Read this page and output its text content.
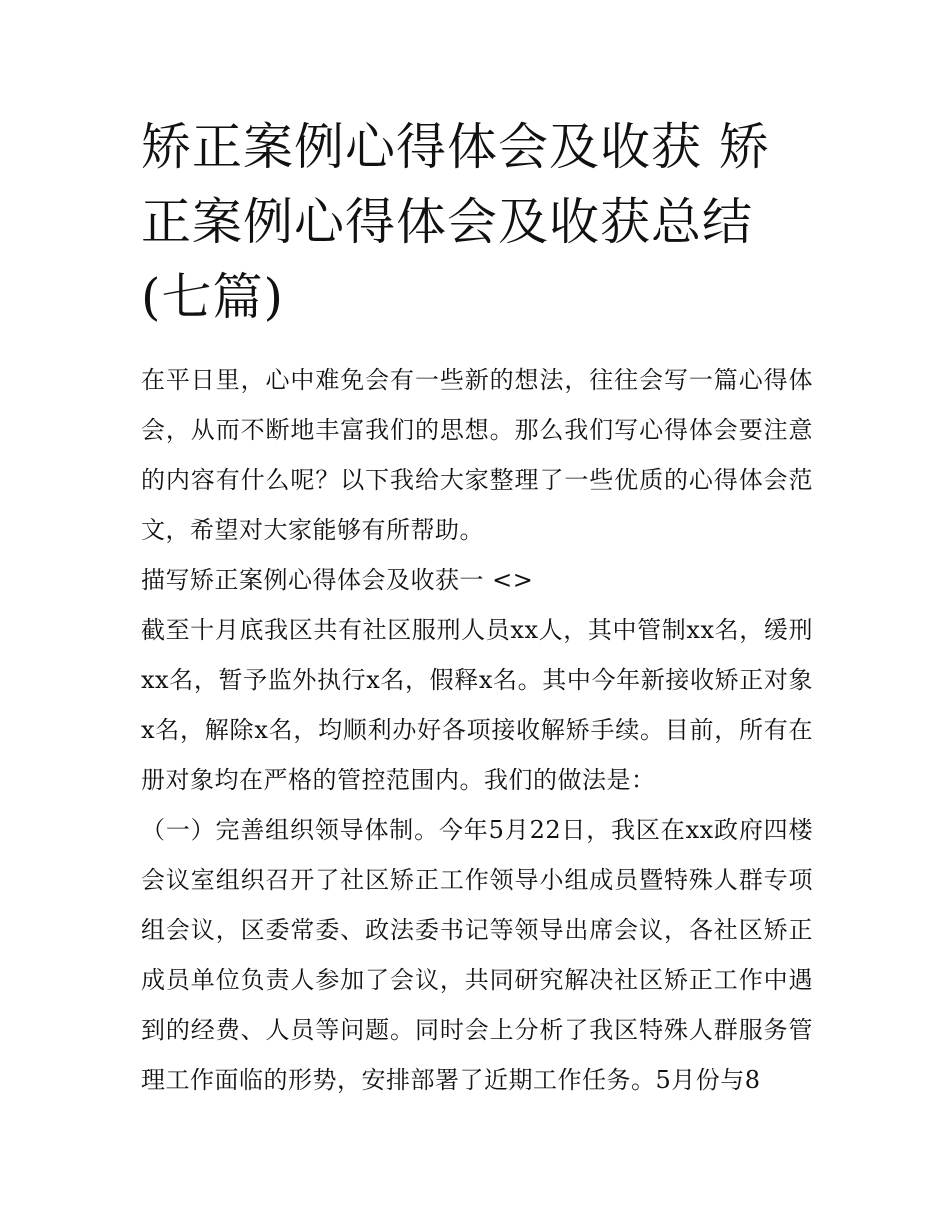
矫正案例心得体会及收获 矫正案例心得体会及收获总结(七篇)

在平日里，心中难免会有一些新的想法，往往会写一篇心得体会，从而不断地丰富我们的思想。那么我们写心得体会要注意的内容有什么呢？以下我给大家整理了一些优质的心得体会范文，希望对大家能够有所帮助。

描写矫正案例心得体会及收获一 <>

截至十月底我区共有社区服刑人员xx人，其中管制xx名，缓刑xx名，暂予监外执行x名，假释x名。其中今年新接收矫正对象x名，解除x名，均顺利办好各项接收解矫手续。目前，所有在册对象均在严格的管控范围内。我们的做法是：

（一）完善组织领导体制。今年5月22日，我区在xx政府四楼会议室组织召开了社区矫正工作领导小组成员暨特殊人群专项组会议，区委常委、政法委书记等领导出席会议，各社区矫正成员单位负责人参加了会议，共同研究解决社区矫正工作中遇到的经费、人员等问题。同时会上分析了我区特殊人群服务管理工作面临的形势，安排部署了近期工作任务。5月份与8
